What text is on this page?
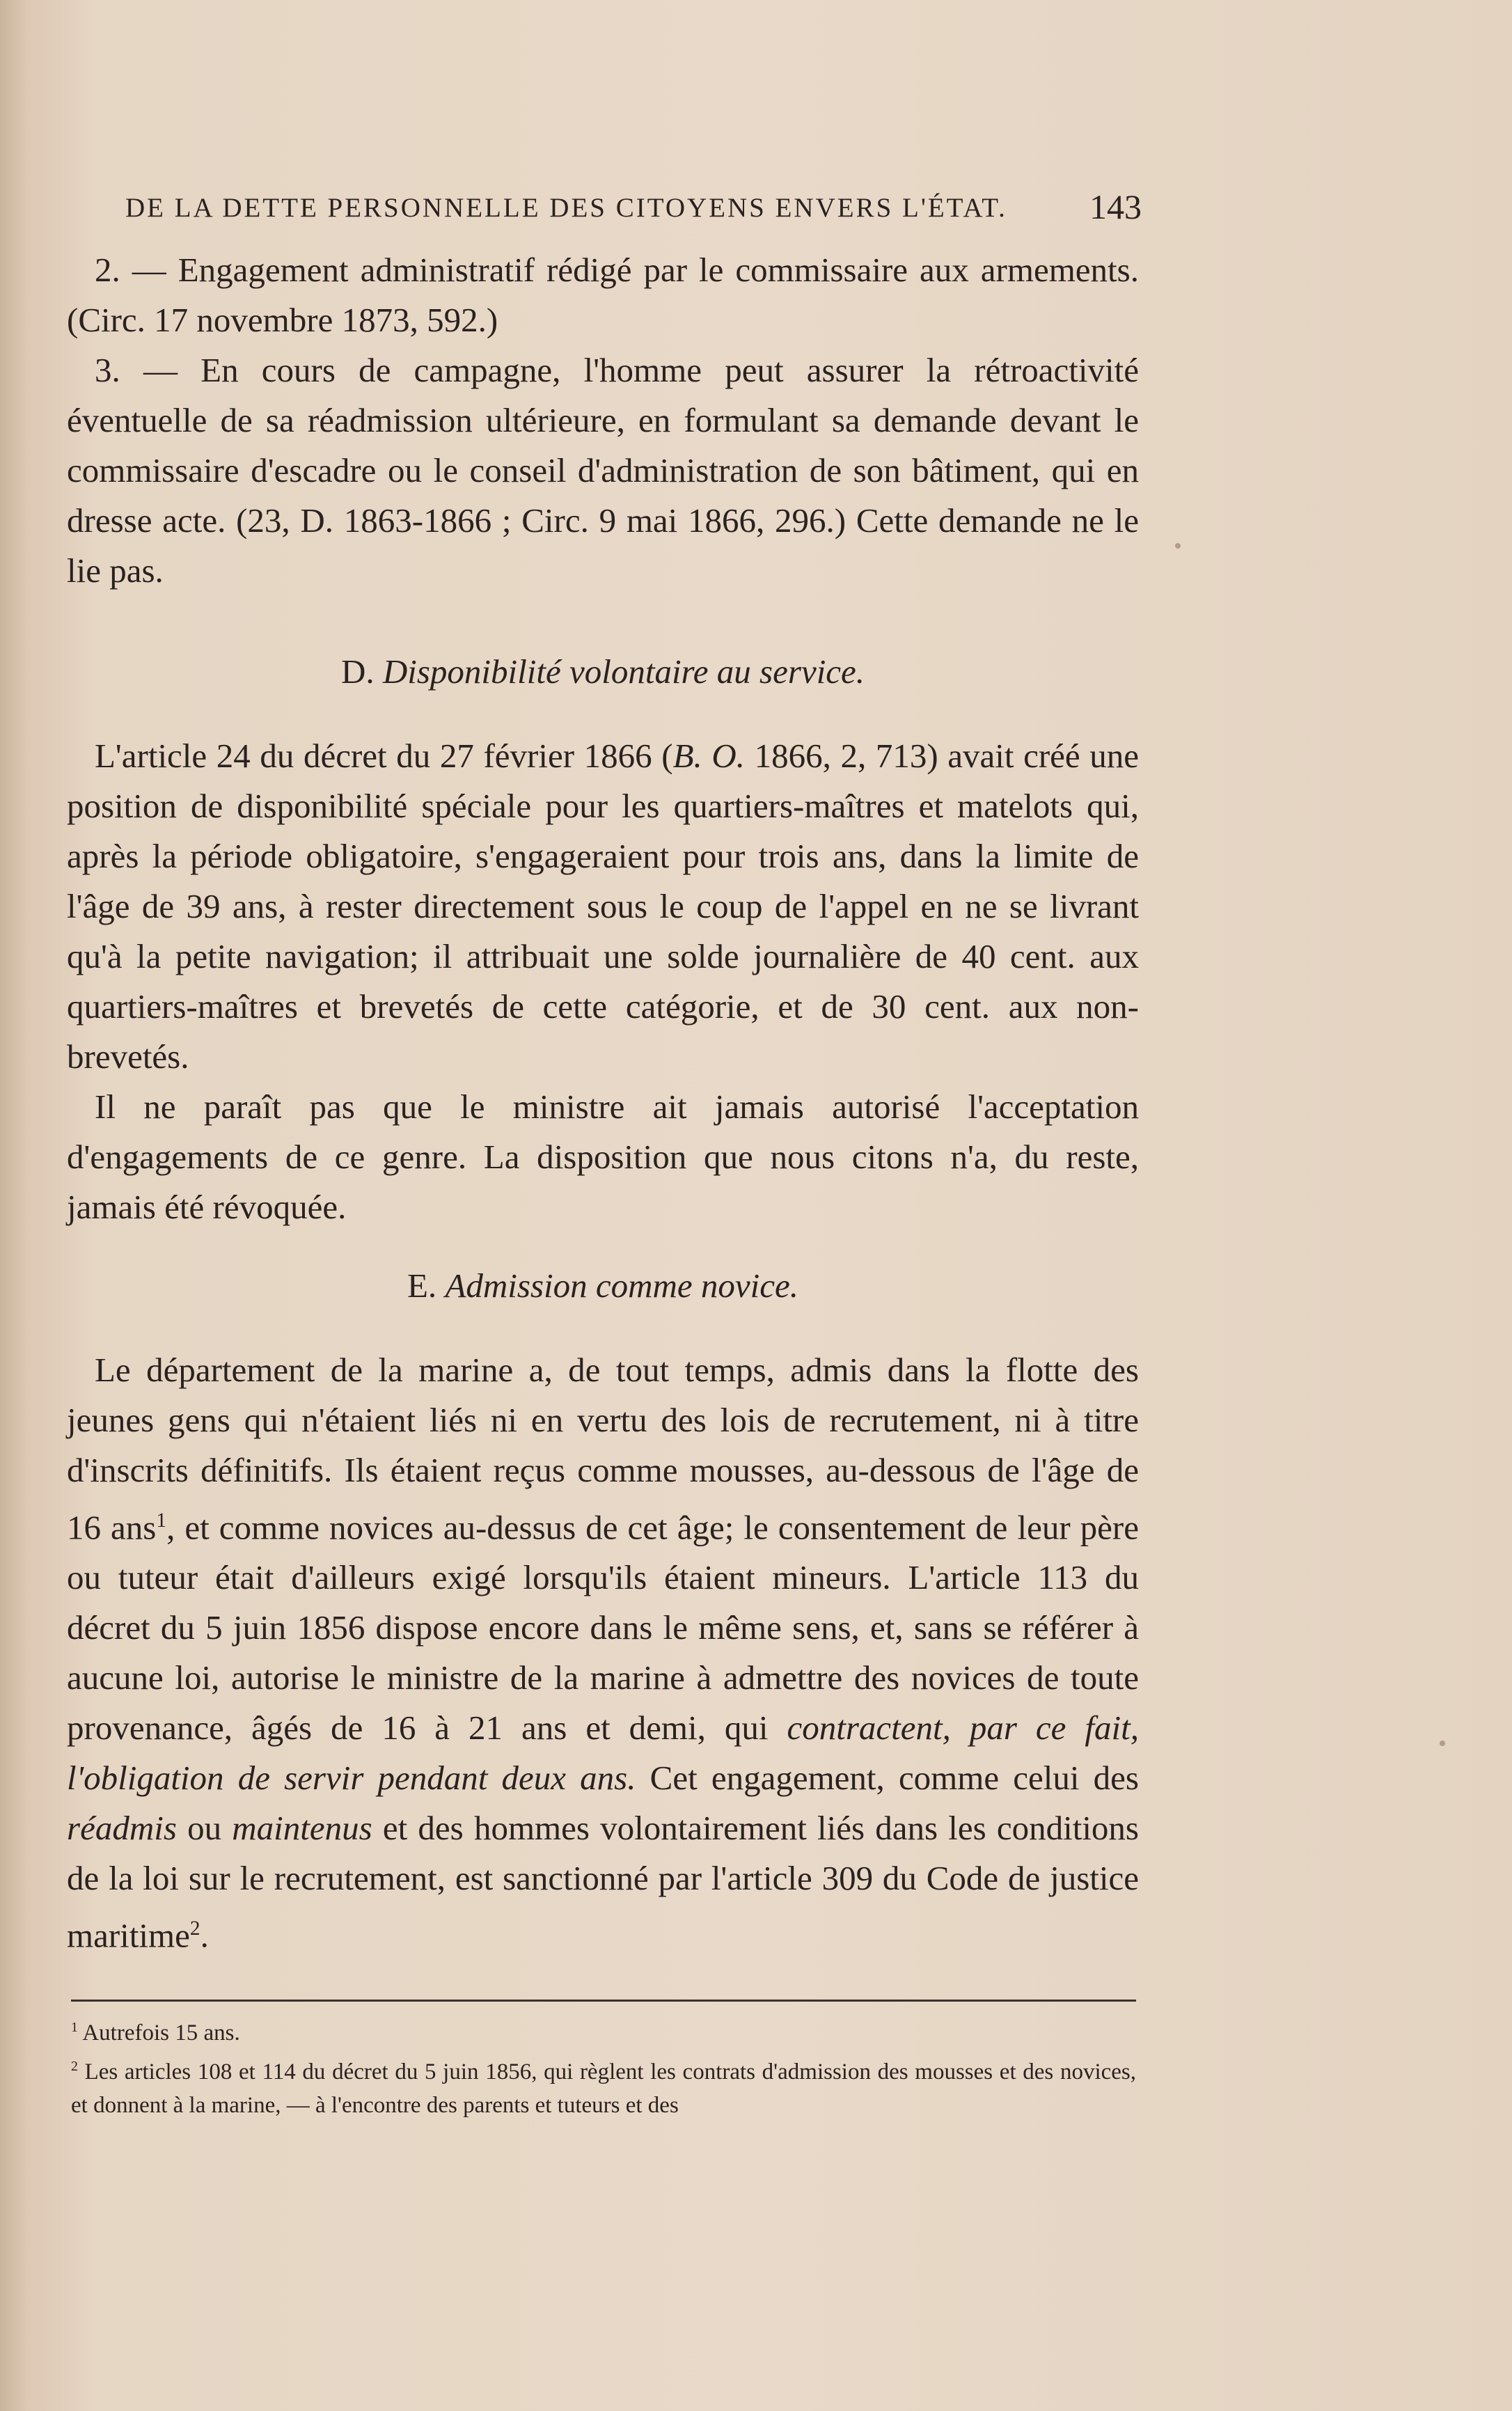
DE LA DETTE PERSONNELLE DES CITOYENS ENVERS L'ÉTAT. 143

2. — Engagement administratif rédigé par le commissaire aux armements. (Circ. 17 novembre 1873, 592.)

3. — En cours de campagne, l'homme peut assurer la rétroactivité éventuelle de sa réadmission ultérieure, en formulant sa demande devant le commissaire d'escadre ou le conseil d'administration de son bâtiment, qui en dresse acte. (23, D. 1863-1866 ; Circ. 9 mai 1866, 296.) Cette demande ne le lie pas.

D. Disponibilité volontaire au service.

L'article 24 du décret du 27 février 1866 (B. O. 1866, 2, 713) avait créé une position de disponibilité spéciale pour les quartiers-maîtres et matelots qui, après la période obligatoire, s'engageraient pour trois ans, dans la limite de l'âge de 39 ans, à rester directement sous le coup de l'appel en ne se livrant qu'à la petite navigation; il attribuait une solde journalière de 40 cent. aux quartiers-maîtres et brevetés de cette catégorie, et de 30 cent. aux non-brevetés.

Il ne paraît pas que le ministre ait jamais autorisé l'acceptation d'engagements de ce genre. La disposition que nous citons n'a, du reste, jamais été révoquée.

E. Admission comme novice.

Le département de la marine a, de tout temps, admis dans la flotte des jeunes gens qui n'étaient liés ni en vertu des lois de recrutement, ni à titre d'inscrits définitifs. Ils étaient reçus comme mousses, au-dessous de l'âge de 16 ans$^1$, et comme novices au-dessus de cet âge; le consentement de leur père ou tuteur était d'ailleurs exigé lorsqu'ils étaient mineurs. L'article 113 du décret du 5 juin 1856 dispose encore dans le même sens, et, sans se référer à aucune loi, autorise le ministre de la marine à admettre des novices de toute provenance, âgés de 16 à 21 ans et demi, qui contractent, par ce fait, l'obligation de servir pendant deux ans. Cet engagement, comme celui des réadmis ou maintenus et des hommes volontairement liés dans les conditions de la loi sur le recrutement, est sanctionné par l'article 309 du Code de justice maritime$^2$.

$^1$ Autrefois 15 ans.

$^2$ Les articles 108 et 114 du décret du 5 juin 1856, qui règlent les contrats d'admission des mousses et des novices, et donnent à la marine, — à l'encontre des parents et tuteurs et des
